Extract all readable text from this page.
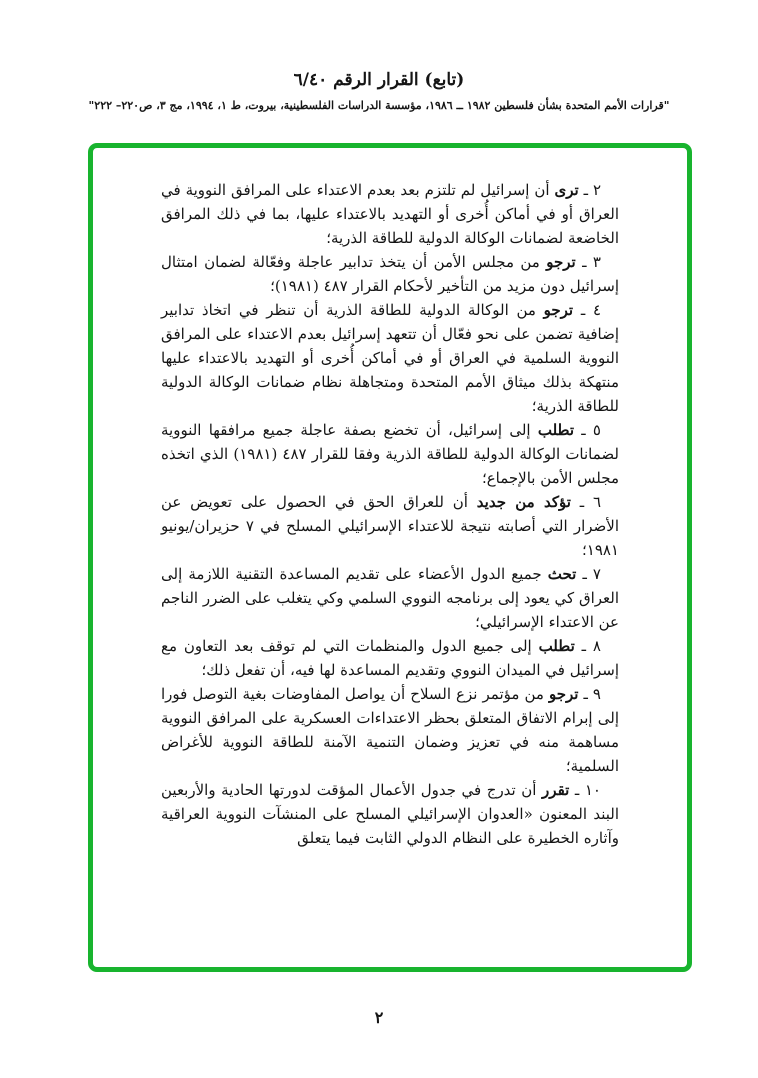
(تابع) القرار الرقم ٦/٤٠
"قرارات الأمم المتحدة بشأن فلسطين ١٩٨٢ ــ ١٩٨٦، مؤسسة الدراسات الفلسطينية، بيروت، ط ١، ١٩٩٤، مج ٣، ص٢٢٠– ٢٢٢"

٢ ـ ترى أن إسرائيل لم تلتزم بعد بعدم الاعتداء على المرافق النووية في العراق أو في أماكن أُخرى أو التهديد بالاعتداء عليها، بما في ذلك المرافق الخاضعة لضمانات الوكالة الدولية للطاقة الذرية؛

٣ ـ ترجو من مجلس الأمن أن يتخذ تدابير عاجلة وفعّالة لضمان امتثال إسرائيل دون مزيد من التأخير لأحكام القرار ٤٨٧ (١٩٨١)؛

٤ ـ ترجو من الوكالة الدولية للطاقة الذرية أن تنظر في اتخاذ تدابير إضافية تضمن على نحو فعّال أن تتعهد إسرائيل بعدم الاعتداء على المرافق النووية السلمية في العراق أو في أماكن أُخرى أو التهديد بالاعتداء عليها منتهكة بذلك ميثاق الأمم المتحدة ومتجاهلة نظام ضمانات الوكالة الدولية للطاقة الذرية؛

٥ ـ تطلب إلى إسرائيل، أن تخضع بصفة عاجلة جميع مرافقها النووية لضمانات الوكالة الدولية للطاقة الذرية وفقا للقرار ٤٨٧ (١٩٨١) الذي اتخذه مجلس الأمن بالإجماع؛

٦ ـ تؤكد من جديد أن للعراق الحق في الحصول على تعويض عن الأضرار التي أصابته نتيجة للاعتداء الإسرائيلي المسلح في ٧ حزيران/يونيو ١٩٨١؛

٧ ـ تحث جميع الدول الأعضاء على تقديم المساعدة التقنية اللازمة إلى العراق كي يعود إلى برنامجه النووي السلمي وكي يتغلب على الضرر الناجم عن الاعتداء الإسرائيلي؛

٨ ـ تطلب إلى جميع الدول والمنظمات التي لم توقف بعد التعاون مع إسرائيل في الميدان النووي وتقديم المساعدة لها فيه، أن تفعل ذلك؛

٩ ـ ترجو من مؤتمر نزع السلاح أن يواصل المفاوضات بغية التوصل فورا إلى إبرام الاتفاق المتعلق بحظر الاعتداءات العسكرية على المرافق النووية مساهمة منه في تعزيز وضمان التنمية الآمنة للطاقة النووية للأغراض السلمية؛

١٠ ـ تقرر أن تدرج في جدول الأعمال المؤقت لدورتها الحادية والأربعين البند المعنون «العدوان الإسرائيلي المسلح على المنشآت النووية العراقية وآثاره الخطيرة على النظام الدولي الثابت فيما يتعلق

٢
